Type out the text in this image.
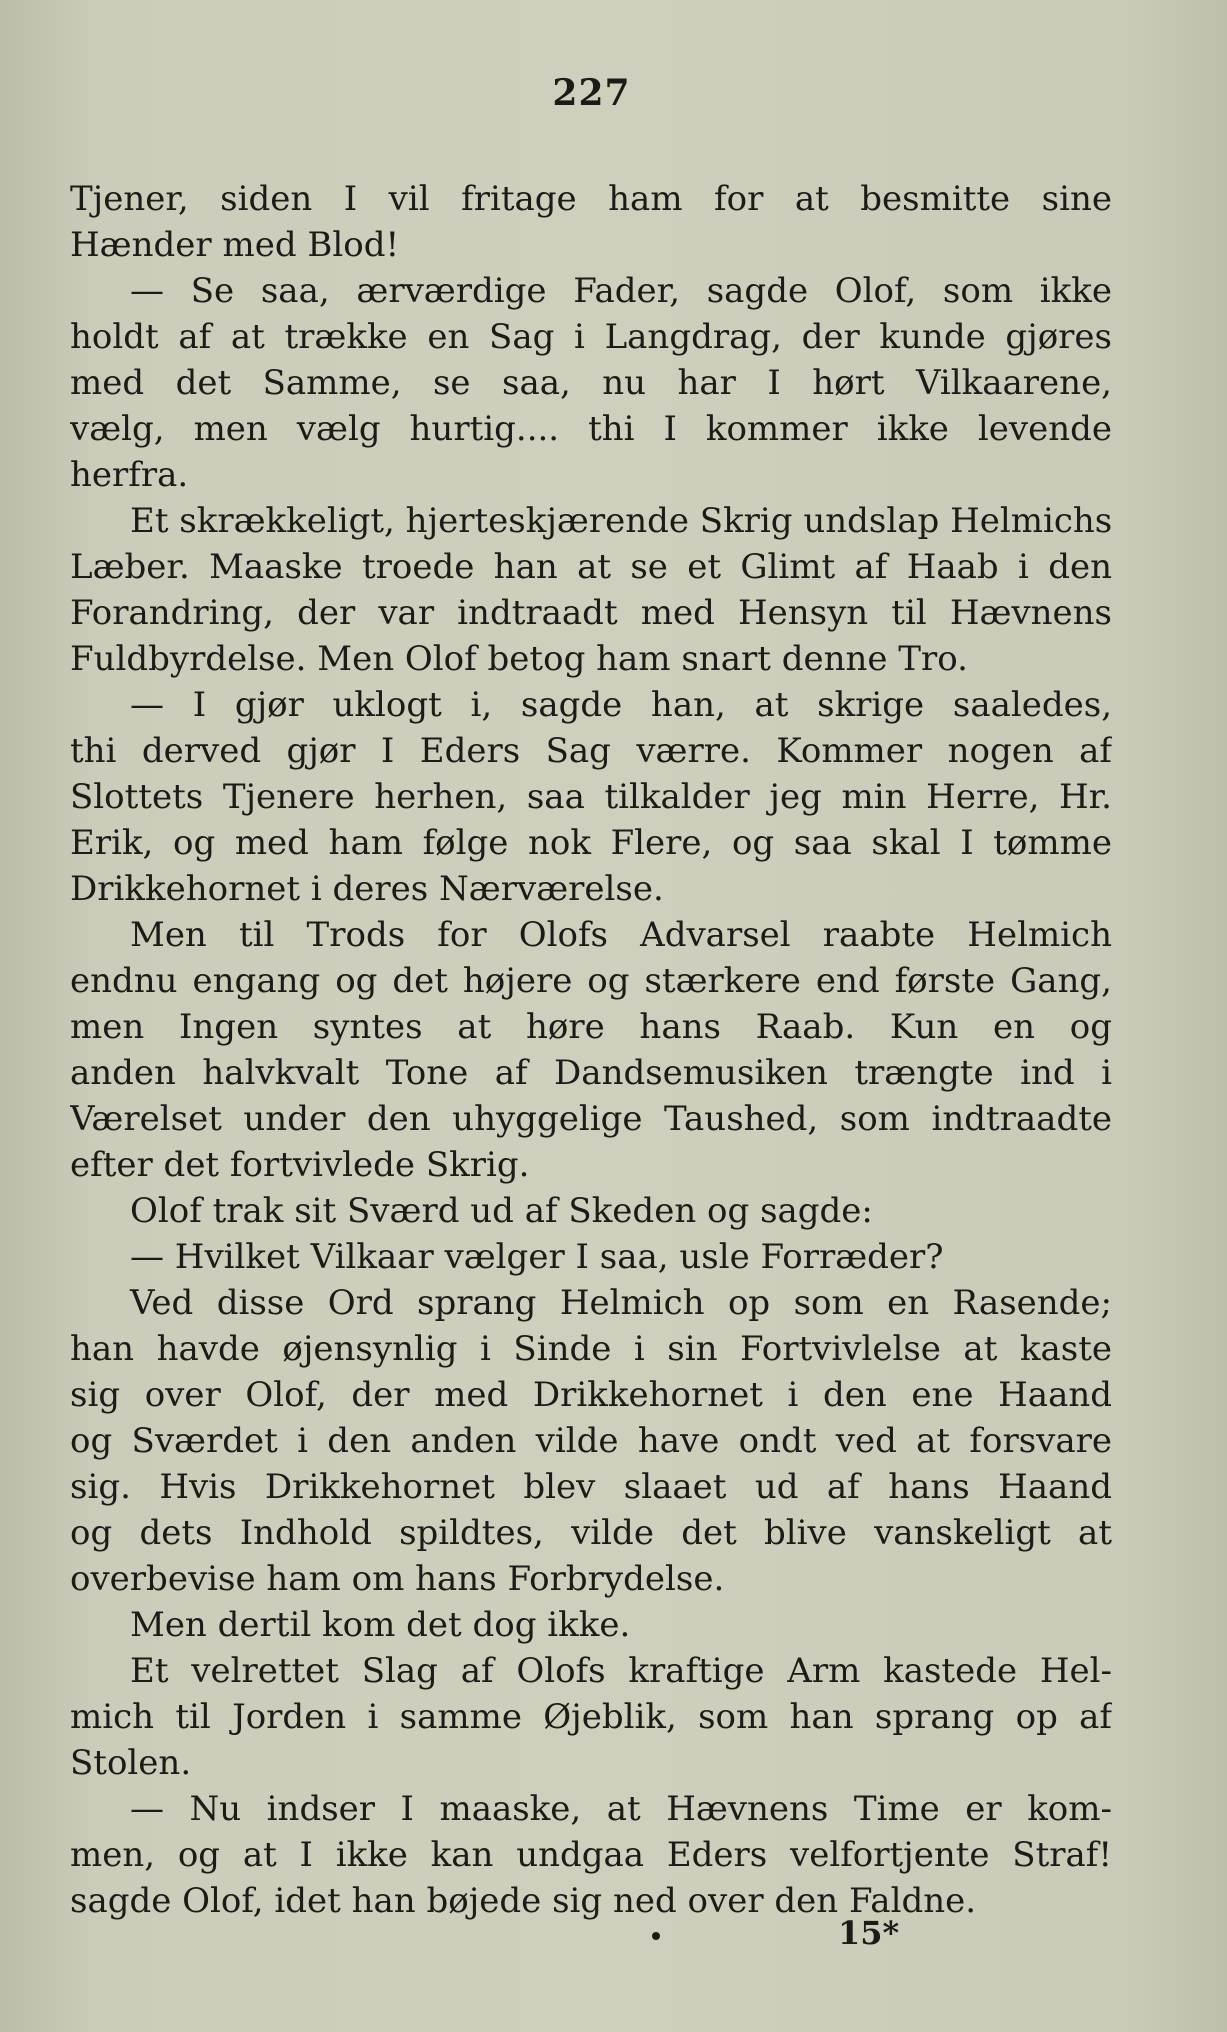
227
Tjener, siden I vil fritage ham for at besmitte sine
Hænder med Blod!
— Se saa, ærværdige Fader, sagde Olof, som ikke
holdt af at trække en Sag i Langdrag, der kunde gjøres
med det Samme, se saa, nu har I hørt Vilkaarene,
vælg, men vælg hurtig.... thi I kommer ikke levende
herfra.
Et skrækkeligt, hjerteskjærende Skrig undslap Helmichs
Læber. Maaske troede han at se et Glimt af Haab i den
Forandring, der var indtraadt med Hensyn til Hævnens
Fuldbyrdelse. Men Olof betog ham snart denne Tro.
— I gjør uklogt i, sagde han, at skrige saaledes,
thi derved gjør I Eders Sag værre. Kommer nogen af
Slottets Tjenere herhen, saa tilkalder jeg min Herre, Hr.
Erik, og med ham følge nok Flere, og saa skal I tømme
Drikkehornet i deres Nærværelse.
Men til Trods for Olofs Advarsel raabte Helmich
endnu engang og det højere og stærkere end første Gang,
men Ingen syntes at høre hans Raab. Kun en og
anden halvkvalt Tone af Dandsemusiken trængte ind i
Værelset under den uhyggelige Taushed, som indtraadte
efter det fortvivlede Skrig.
Olof trak sit Sværd ud af Skeden og sagde:
— Hvilket Vilkaar vælger I saa, usle Forræder?
Ved disse Ord sprang Helmich op som en Rasende;
han havde øjensynlig i Sinde i sin Fortvivlelse at kaste
sig over Olof, der med Drikkehornet i den ene Haand
og Sværdet i den anden vilde have ondt ved at forsvare
sig. Hvis Drikkehornet blev slaaet ud af hans Haand
og dets Indhold spildtes, vilde det blive vanskeligt at
overbevise ham om hans Forbrydelse.
Men dertil kom det dog ikke.
Et velrettet Slag af Olofs kraftige Arm kastede Hel-
mich til Jorden i samme Øjeblik, som han sprang op af
Stolen.
— Nu indser I maaske, at Hævnens Time er kom-
men, og at I ikke kan undgaa Eders velfortjente Straf!
sagde Olof, idet han bøjede sig ned over den Faldne.
15*
